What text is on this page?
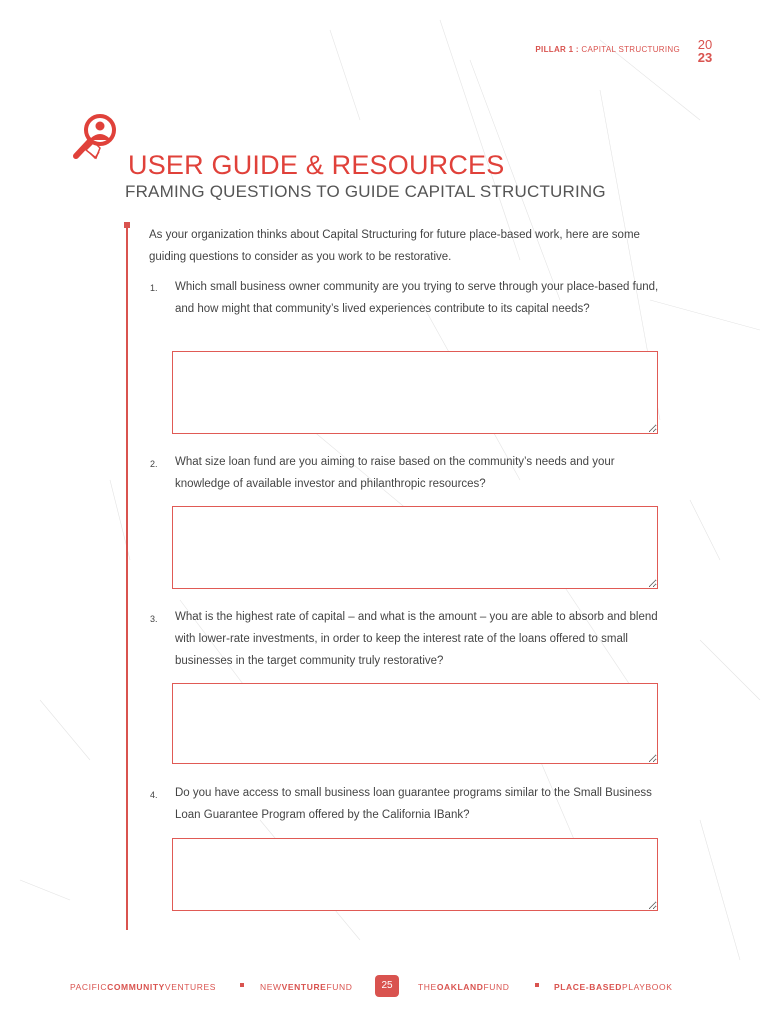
PILLAR 1 : CAPITAL STRUCTURING	20
23
USER GUIDE & RESOURCES
FRAMING QUESTIONS TO GUIDE CAPITAL STRUCTURING

As your organization thinks about Capital Structuring for future place-based work, here are some guiding questions to consider as you work to be restorative.

1. Which small business owner community are you trying to serve through your place-based fund, and how might that community’s lived experiences contribute to its capital needs?

2. What size loan fund are you aiming to raise based on the community’s needs and your knowledge of available investor and philanthropic resources?

3. What is the highest rate of capital – and what is the amount – you are able to absorb and blend with lower-rate investments, in order to keep the interest rate of the loans offered to small businesses in the target community truly restorative?

4. Do you have access to small business loan guarantee programs similar to the Small Business Loan Guarantee Program offered by the California IBank?

PACIFICCOMMUNITYVENTURES	NEWVENTUREFUND	THEOAKLANDFUND	PLACE-BASEDPLAYBOOK
25
